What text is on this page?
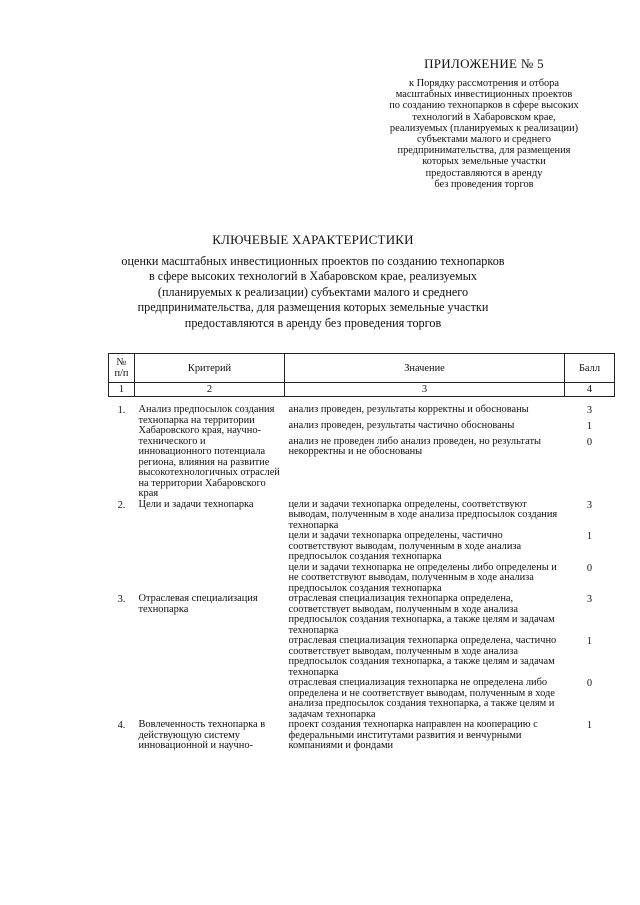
ПРИЛОЖЕНИЕ № 5
к Порядку рассмотрения и отбора
масштабных инвестиционных проектов
по созданию технопарков в сфере высоких
технологий в Хабаровском крае,
реализуемых (планируемых к реализации)
субъектами малого и среднего
предпринимательства, для размещения
которых земельные участки
предоставляются в аренду
без проведения торгов
КЛЮЧЕВЫЕ ХАРАКТЕРИСТИКИ
оценки масштабных инвестиционных проектов по созданию технопарков
в сфере высоких технологий в Хабаровском крае, реализуемых
(планируемых к реализации) субъектами малого и среднего
предпринимательства, для размещения которых земельные участки
предоставляются в аренду без проведения торгов
№
п/п	Критерий	Значение	Балл
1	2	3	4

1.	Анализ предпосылок создания технопарка на территории Хабаровского края, научно-технического и инновационного потенциала региона, влияния на развитие высокотехнологичных отраслей на территории Хабаровского края	анализ проведен, результаты корректны и обоснованы	3
		анализ проведен, результаты частично обоснованы	1
		анализ не проведен либо анализ проведен, но результаты некорректны и не обоснованы	0
2.	Цели и задачи технопарка	цели и задачи технопарка определены, соответствуют выводам, полученным в ходе анализа предпосылок создания технопарка	3
		цели и задачи технопарка определены, частично соответствуют выводам, полученным в ходе анализа предпосылок создания технопарка	1
		цели и задачи технопарка не определены либо определены и не соответствуют выводам, полученным в ходе анализа предпосылок создания технопарка	0
3.	Отраслевая специализация технопарка	отраслевая специализация технопарка определена, соответствует выводам, полученным в ходе анализа предпосылок создания технопарка, а также целям и задачам технопарка	3
		отраслевая специализация технопарка определена, частично соответствует выводам, полученным в ходе анализа предпосылок создания технопарка, а также целям и задачам технопарка	1
		отраслевая специализация технопарка не определена либо определена и не соответствует выводам, полученным в ходе анализа предпосылок создания технопарка, а также целям и задачам технопарка	0
4.	Вовлеченность технопарка в действующую систему инновационной и научно-	проект создания технопарка направлен на кооперацию с федеральными институтами развития и венчурными компаниями и фондами	1
